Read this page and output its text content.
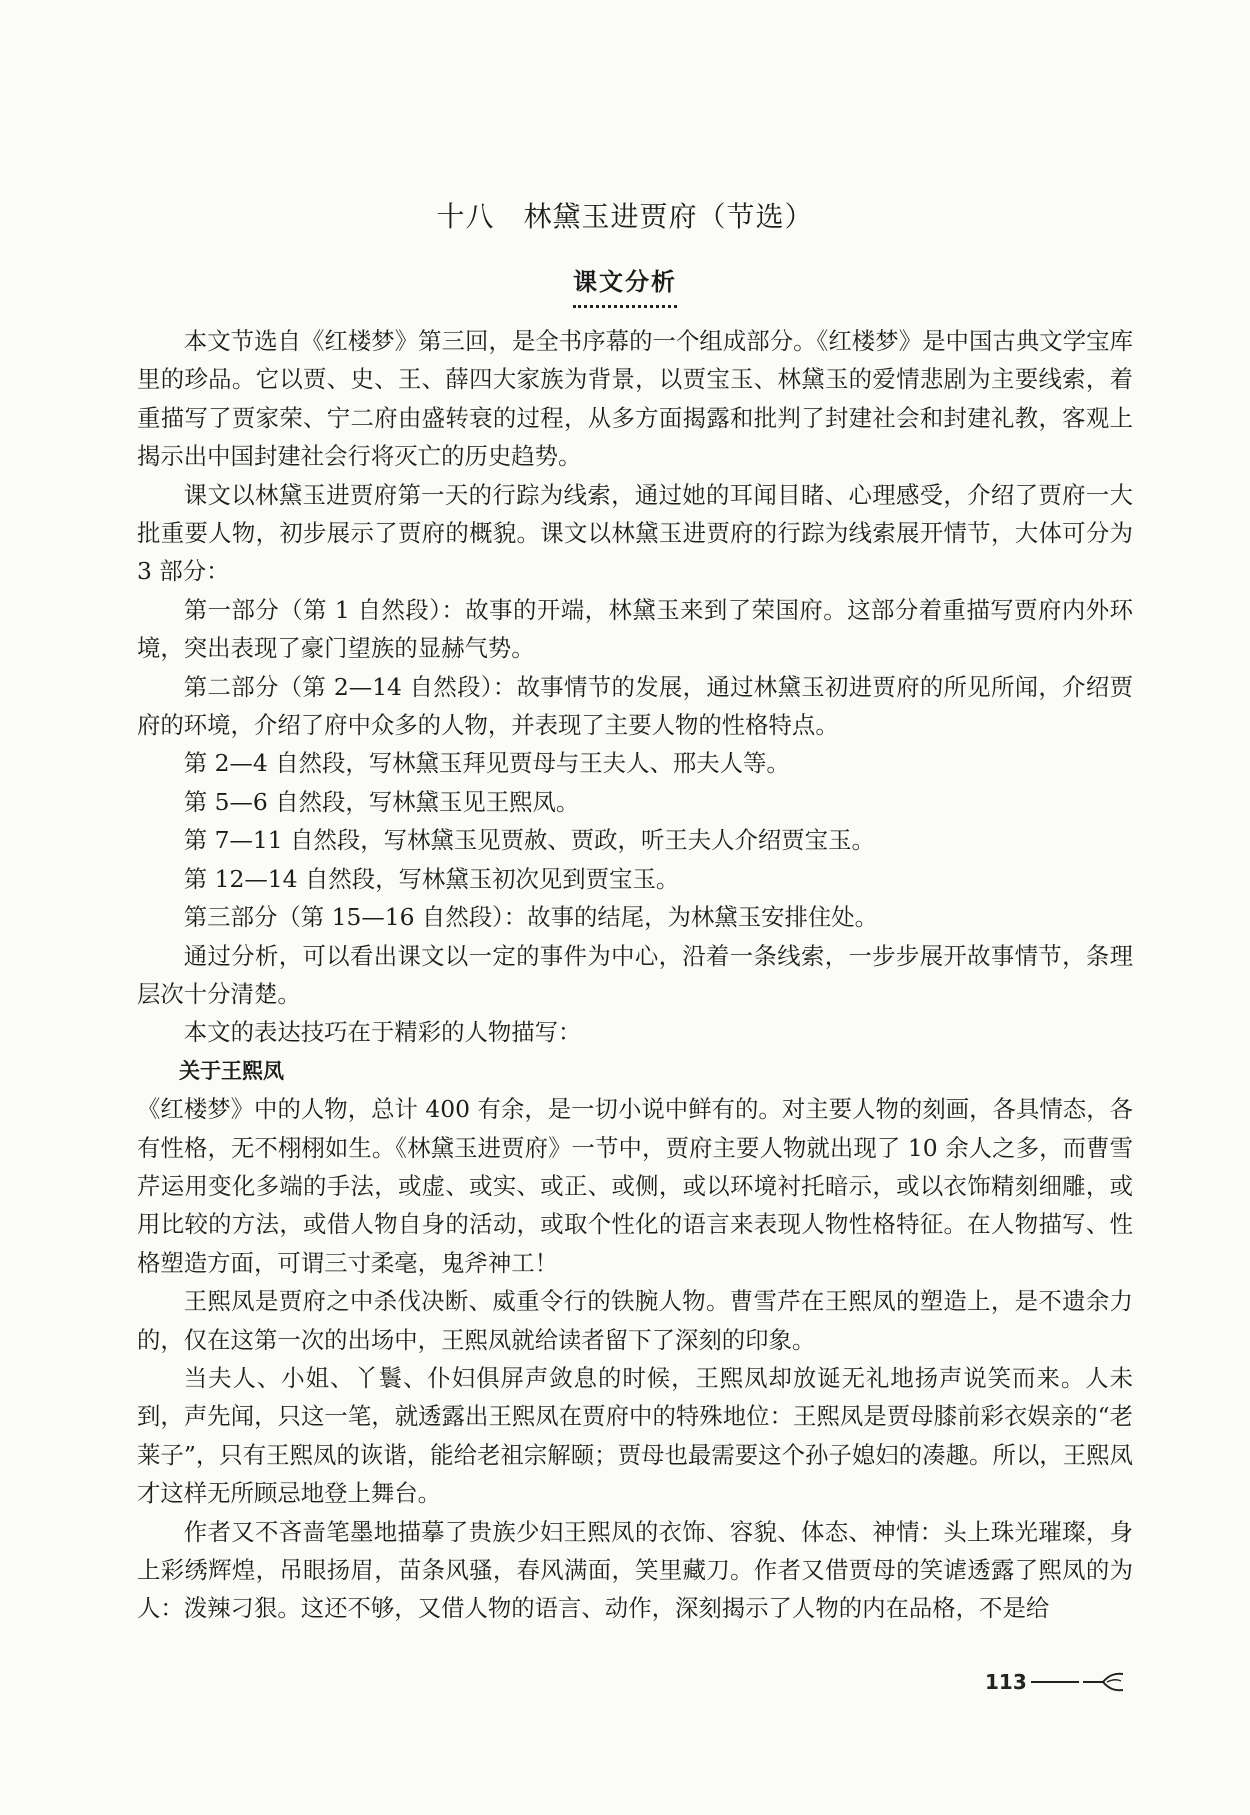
十八　林黛玉进贾府（节选）
课文分析

本文节选自《红楼梦》第三回，是全书序幕的一个组成部分。《红楼梦》是中国古典文学宝库里的珍品。它以贾、史、王、薛四大家族为背景，以贾宝玉、林黛玉的爱情悲剧为主要线索，着重描写了贾家荣、宁二府由盛转衰的过程，从多方面揭露和批判了封建社会和封建礼教，客观上揭示出中国封建社会行将灭亡的历史趋势。

课文以林黛玉进贾府第一天的行踪为线索，通过她的耳闻目睹、心理感受，介绍了贾府一大批重要人物，初步展示了贾府的概貌。课文以林黛玉进贾府的行踪为线索展开情节，大体可分为 3 部分：

第一部分（第 1 自然段）：故事的开端，林黛玉来到了荣国府。这部分着重描写贾府内外环境，突出表现了豪门望族的显赫气势。

第二部分（第 2—14 自然段）：故事情节的发展，通过林黛玉初进贾府的所见所闻，介绍贾府的环境，介绍了府中众多的人物，并表现了主要人物的性格特点。

第 2—4 自然段，写林黛玉拜见贾母与王夫人、邢夫人等。

第 5—6 自然段，写林黛玉见王熙凤。

第 7—11 自然段，写林黛玉见贾赦、贾政，听王夫人介绍贾宝玉。

第 12—14 自然段，写林黛玉初次见到贾宝玉。

第三部分（第 15—16 自然段）：故事的结尾，为林黛玉安排住处。

通过分析，可以看出课文以一定的事件为中心，沿着一条线索，一步步展开故事情节，条理层次十分清楚。

本文的表达技巧在于精彩的人物描写：

关于王熙凤

《红楼梦》中的人物，总计 400 有余，是一切小说中鲜有的。对主要人物的刻画，各具情态，各有性格，无不栩栩如生。《林黛玉进贾府》一节中，贾府主要人物就出现了 10 余人之多，而曹雪芹运用变化多端的手法，或虚、或实、或正、或侧，或以环境衬托暗示，或以衣饰精刻细雕，或用比较的方法，或借人物自身的活动，或取个性化的语言来表现人物性格特征。在人物描写、性格塑造方面，可谓三寸柔毫，鬼斧神工！

王熙凤是贾府之中杀伐决断、威重令行的铁腕人物。曹雪芹在王熙凤的塑造上，是不遗余力的，仅在这第一次的出场中，王熙凤就给读者留下了深刻的印象。

当夫人、小姐、丫鬟、仆妇俱屏声敛息的时候，王熙凤却放诞无礼地扬声说笑而来。人未到，声先闻，只这一笔，就透露出王熙凤在贾府中的特殊地位：王熙凤是贾母膝前彩衣娱亲的“老莱子”，只有王熙凤的诙谐，能给老祖宗解颐；贾母也最需要这个孙子媳妇的凑趣。所以，王熙凤才这样无所顾忌地登上舞台。

作者又不吝啬笔墨地描摹了贵族少妇王熙凤的衣饰、容貌、体态、神情：头上珠光璀璨，身上彩绣辉煌，吊眼扬眉，苗条风骚，春风满面，笑里藏刀。作者又借贾母的笑谑透露了熙凤的为人：泼辣刁狠。这还不够，又借人物的语言、动作，深刻揭示了人物的内在品格，不是给

113
